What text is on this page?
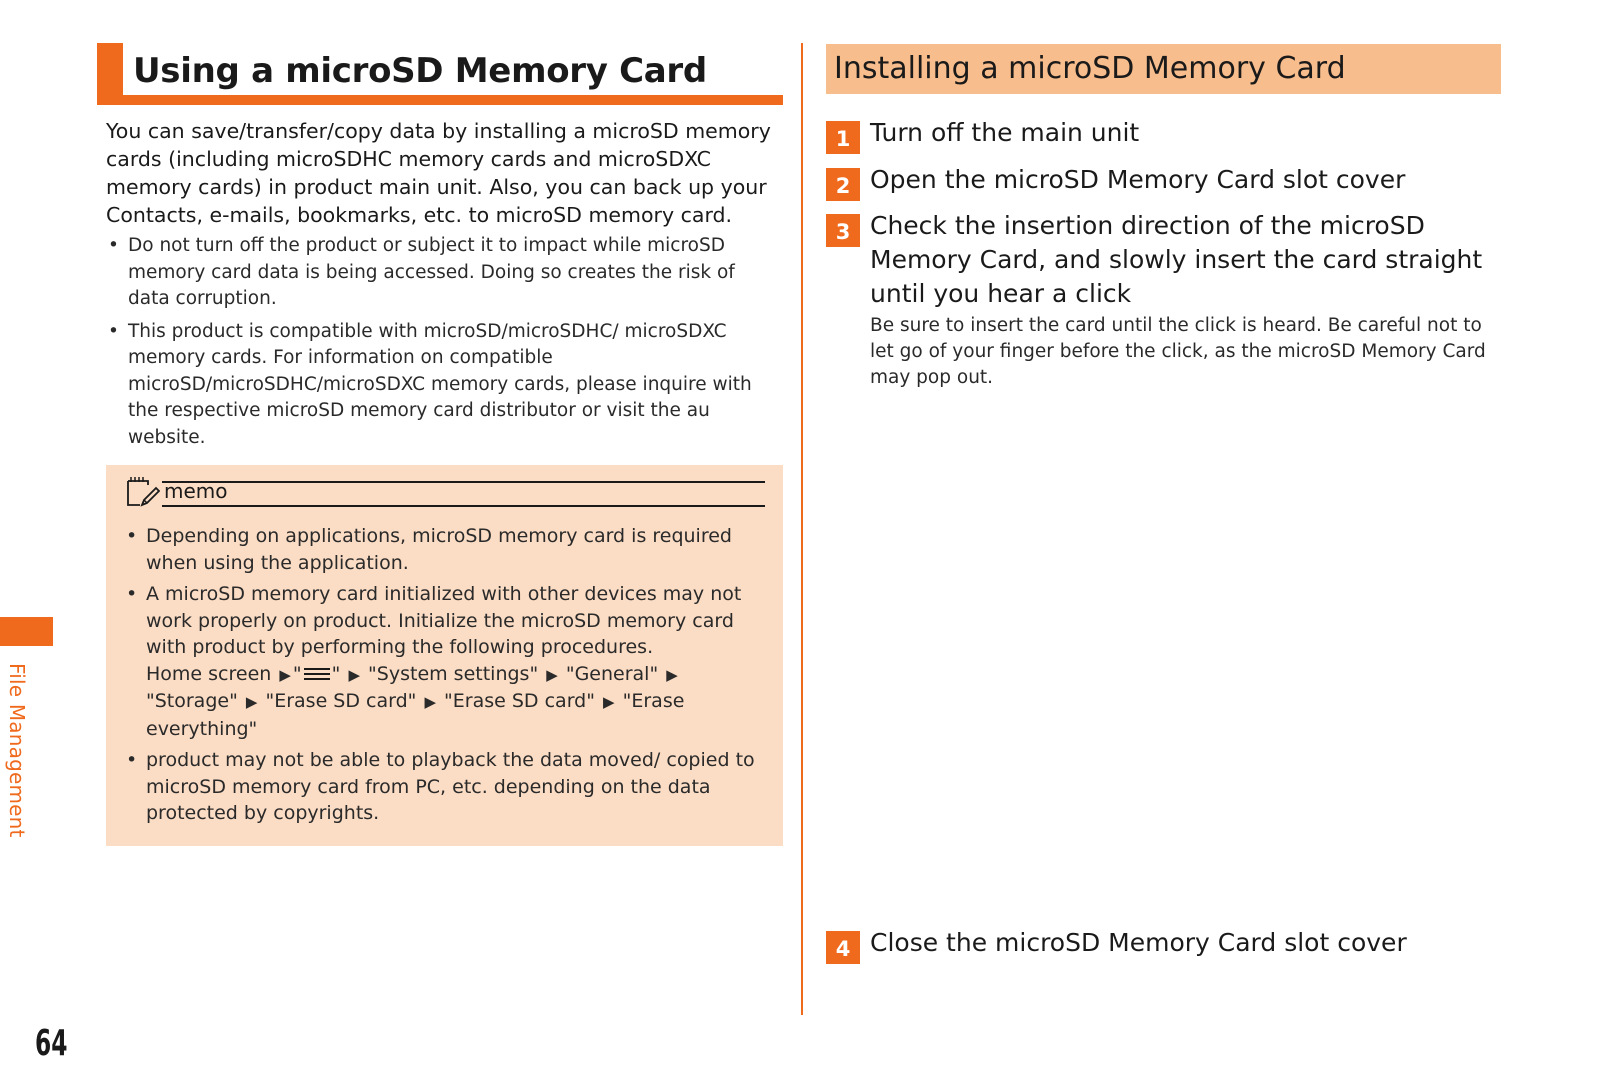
Using a microSD Memory Card

You can save/transfer/copy data by installing a microSD memory cards (including microSDHC memory cards and microSDXC memory cards) in product main unit. Also, you can back up your Contacts, e-mails, bookmarks, etc. to microSD memory card.

• Do not turn off the product or subject it to impact while microSD memory card data is being accessed. Doing so creates the risk of data corruption.
• This product is compatible with microSD/microSDHC/ microSDXC memory cards. For information on compatible microSD/microSDHC/microSDXC memory cards, please inquire with the respective microSD memory card distributor or visit the au website.
memo
• Depending on applications, microSD memory card is required when using the application.
• A microSD memory card initialized with other devices may not work properly on product. Initialize the microSD memory card with product by performing the following procedures.
Home screen ▶ " " ▶ "System settings" ▶ "General" ▶ "Storage" ▶ "Erase SD card" ▶ "Erase SD card" ▶ "Erase everything"
• product may not be able to playback the data moved/ copied to microSD memory card from PC, etc. depending on the data protected by copyrights.
File Management
64
Installing a microSD Memory Card
1 Turn off the main unit
2 Open the microSD Memory Card slot cover
3 Check the insertion direction of the microSD Memory Card, and slowly insert the card straight until you hear a click
Be sure to insert the card until the click is heard. Be careful not to let go of your finger before the click, as the microSD Memory Card may pop out.
4 Close the microSD Memory Card slot cover
